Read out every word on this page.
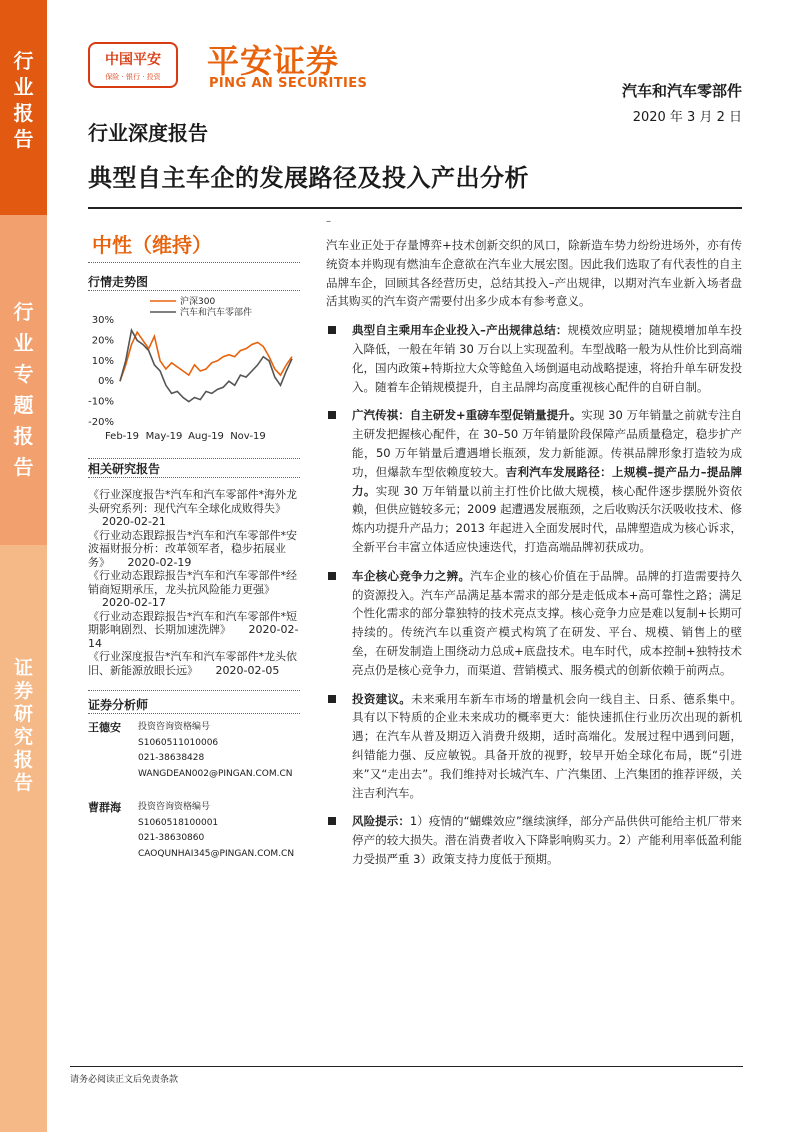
行
业
报
告
行
业
专
题
报
告
证
券
研
究
报
告
中国平安
保险 · 银行 · 投资 平安证券
PING AN SECURITIES	汽车和汽车零部件
2020 年 3 月 2 日
行业深度报告
典型自主车企的发展路径及投入产出分析
中性（维持）
行情走势图
30%
20%
10%
0%
-10%
-20%
Feb-19 May-19 Aug-19 Nov-19
沪深300
汽车和汽车零部件
相关研究报告
《行业深度报告*汽车和汽车零部件*海外龙头研究系列：现代汽车全球化成败得失》 2020-02-21
《行业动态跟踪报告*汽车和汽车零部件*安波福财报分析：改革领军者，稳步拓展业务》 2020-02-19
《行业动态跟踪报告*汽车和汽车零部件*经销商短期承压，龙头抗风险能力更强》 2020-02-17
《行业动态跟踪报告*汽车和汽车零部件*短期影响剧烈、长期加速洗牌》 2020-02-14
《行业深度报告*汽车和汽车零部件*龙头依旧、新能源放眼长远》 2020-02-05
证券分析师
王德安 投资咨询资格编号
S1060511010006
021-38638428
WANGDEAN002@PINGAN.COM.CN
曹群海 投资咨询资格编号
S1060518100001
021-38630860
CAOQUNHAI345@PINGAN.COM.CN
–

汽车业正处于存量博弈+技术创新交织的风口，除新造车势力纷纷进场外，亦有传统资本并购现有燃油车企意欲在汽车业大展宏图。因此我们选取了有代表性的自主品牌车企，回顾其各经营历史，总结其投入–产出规律，以期对汽车业新入场者盘活其购买的汽车资产需要付出多少成本有参考意义。

典型自主乘用车企业投入–产出规律总结：规模效应明显；随规模增加单车投入降低，一般在年销 30 万台以上实现盈利。车型战略一般为从性价比到高端化，国内政策+特斯拉大众等鲶鱼入场倒逼电动战略提速，将抬升单车研发投入。随着车企销规模提升，自主品牌均高度重视核心配件的自研自制。

广汽传祺：自主研发+重磅车型促销量提升。实现 30 万年销量之前就专注自主研发把握核心配件，在 30–50 万年销量阶段保障产品质量稳定，稳步扩产能，50 万年销量后遭遇增长瓶颈，发力新能源。传祺品牌形象打造较为成功，但爆款车型依赖度较大。吉利汽车发展路径：上规模–提产品力–提品牌力。实现 30 万年销量以前主打性价比做大规模，核心配件逐步摆脱外资依赖，但供应链较多元；2009 起遭遇发展瓶颈，之后收购沃尔沃吸收技术、修炼内功提升产品力；2013 年起进入全面发展时代，品牌塑造成为核心诉求，全新平台丰富立体适应快速迭代，打造高端品牌初获成功。

车企核心竞争力之辨。汽车企业的核心价值在于品牌。品牌的打造需要持久的资源投入。汽车产品满足基本需求的部分是走低成本+高可靠性之路；满足个性化需求的部分靠独特的技术亮点支撑。核心竞争力应是难以复制+长期可持续的。传统汽车以重资产模式构筑了在研发、平台、规模、销售上的壁垒，在研发制造上围绕动力总成+底盘技术。电车时代，成本控制+独特技术亮点仍是核心竞争力，而渠道、营销模式、服务模式的创新依赖于前两点。

投资建议。未来乘用车新车市场的增量机会向一线自主、日系、德系集中。具有以下特质的企业未来成功的概率更大：能快速抓住行业历次出现的新机遇；在汽车从普及期迈入消费升级期，适时高端化。发展过程中遇到问题，纠错能力强、反应敏锐。具备开放的视野，较早开始全球化布局，既“引进来”又“走出去”。我们维持对长城汽车、广汽集团、上汽集团的推荐评级，关注吉利汽车。

风险提示：1）疫情的“蝴蝶效应”继续演绎，部分产品供供可能给主机厂带来停产的较大损失。潜在消费者收入下降影响购买力。2）产能利用率低盈利能力受损严重 3）政策支持力度低于预期。

请务必阅读正文后免责条款
